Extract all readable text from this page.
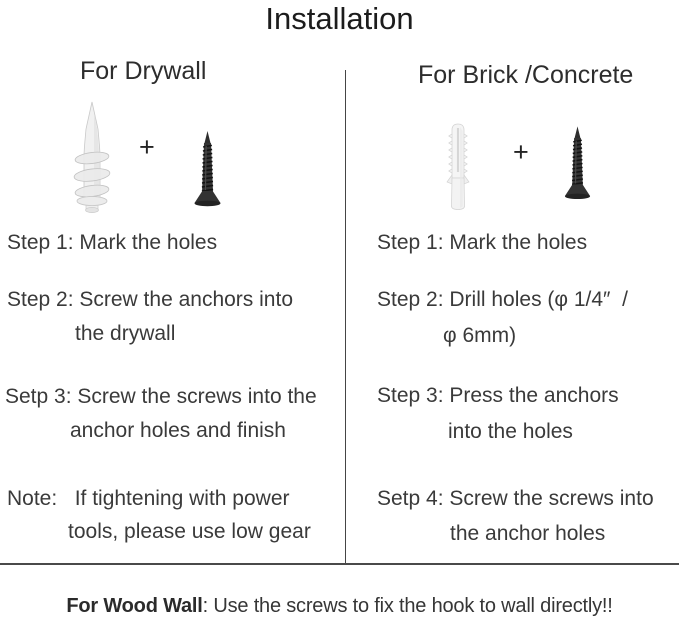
Installation
For Drywall	For Brick /Concrete
+	+
Step 1: Mark the holes
Step 2: Screw the anchors into
the drywall
Setp 3: Screw the screws into the
anchor holes and finish
Note:   If tightening with power
tools, please use low gear
Step 1: Mark the holes
Step 2: Drill holes (φ 1/4″  /
φ 6mm)
Step 3: Press the anchors
into the holes
Setp 4: Screw the screws into
the anchor holes
For Wood Wall: Use the screws to fix the hook to wall directly!!
